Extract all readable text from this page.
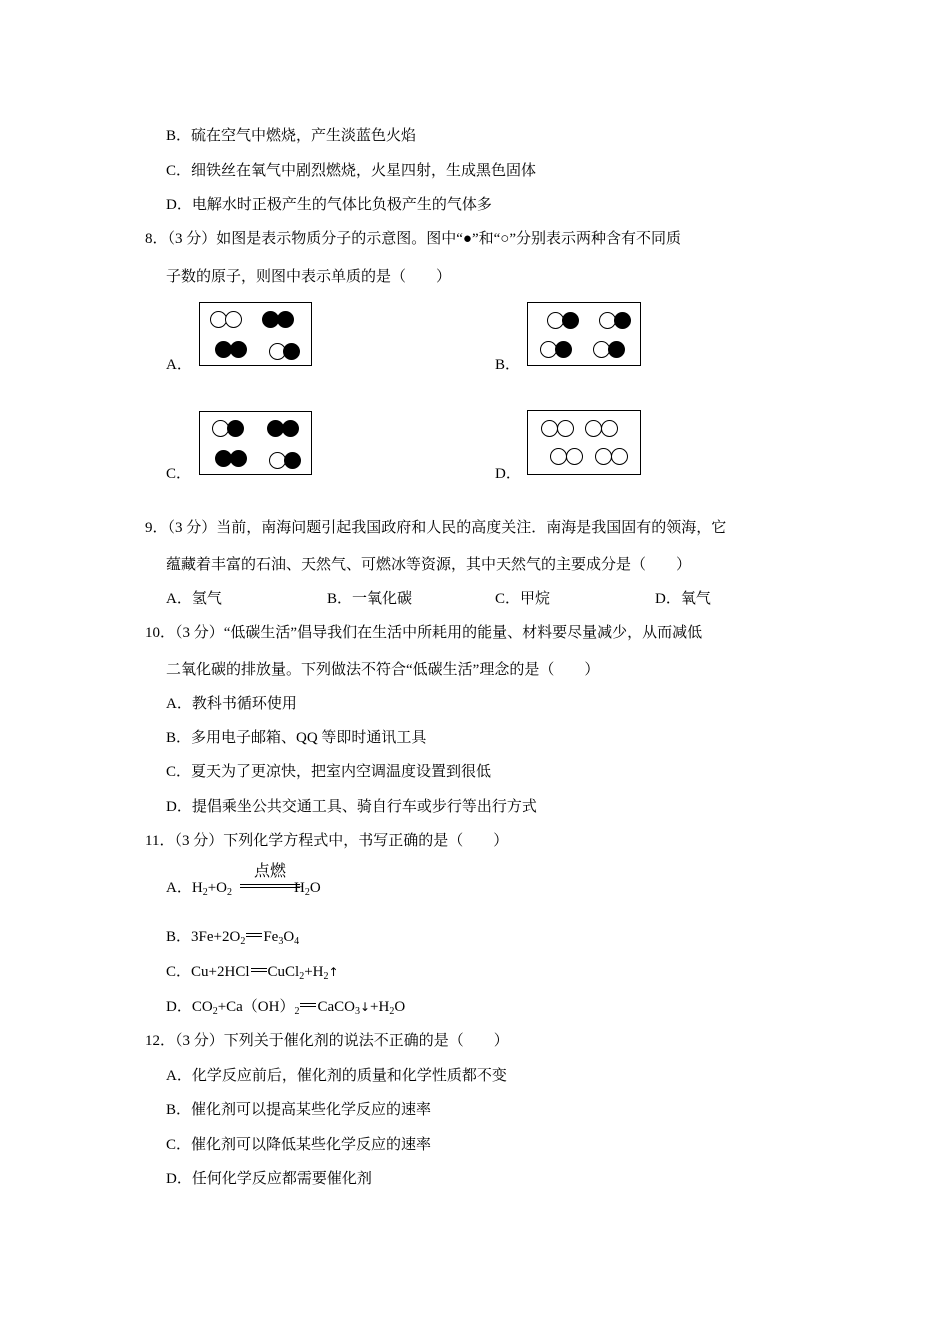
B．硫在空气中燃烧，产生淡蓝色火焰
C．细铁丝在氧气中剧烈燃烧，火星四射，生成黑色固体
D．电解水时正极产生的气体比负极产生的气体多
8．（3 分）如图是表示物质分子的示意图。图中“●”和“○”分别表示两种含有不同质
子数的原子，则图中表示单质的是（　　）
A．	B．
C．	D．
9．（3 分）当前，南海问题引起我国政府和人民的高度关注．南海是我国固有的领海，它
蕴藏着丰富的石油、天然气、可燃冰等资源，其中天然气的主要成分是（　　）
A．氢气	B．一氧化碳	C．甲烷	D．氧气
10．（3 分）“低碳生活”倡导我们在生活中所耗用的能量、材料要尽量减少，从而减低
二氧化碳的排放量。下列做法不符合“低碳生活”理念的是（　　）
A．教科书循环使用
B．多用电子邮箱、QQ 等即时通讯工具
C．夏天为了更凉快，把室内空调温度设置到很低
D．提倡乘坐公共交通工具、骑自行车或步行等出行方式
11．（3 分）下列化学方程式中，书写正确的是（　　）
点燃
A．$H_2+O_2$	$H_2O$
B．$3Fe+2O_2$ $Fe_3O_4$
C．Cu+2HCl $CuCl_2+H_2↑$
D．$CO_2+Ca(OH)_2$ $CaCO_3↓+H_2O$
12．（3 分）下列关于催化剂的说法不正确的是（　　）
A．化学反应前后，催化剂的质量和化学性质都不变
B．催化剂可以提高某些化学反应的速率
C．催化剂可以降低某些化学反应的速率
D．任何化学反应都需要催化剂
